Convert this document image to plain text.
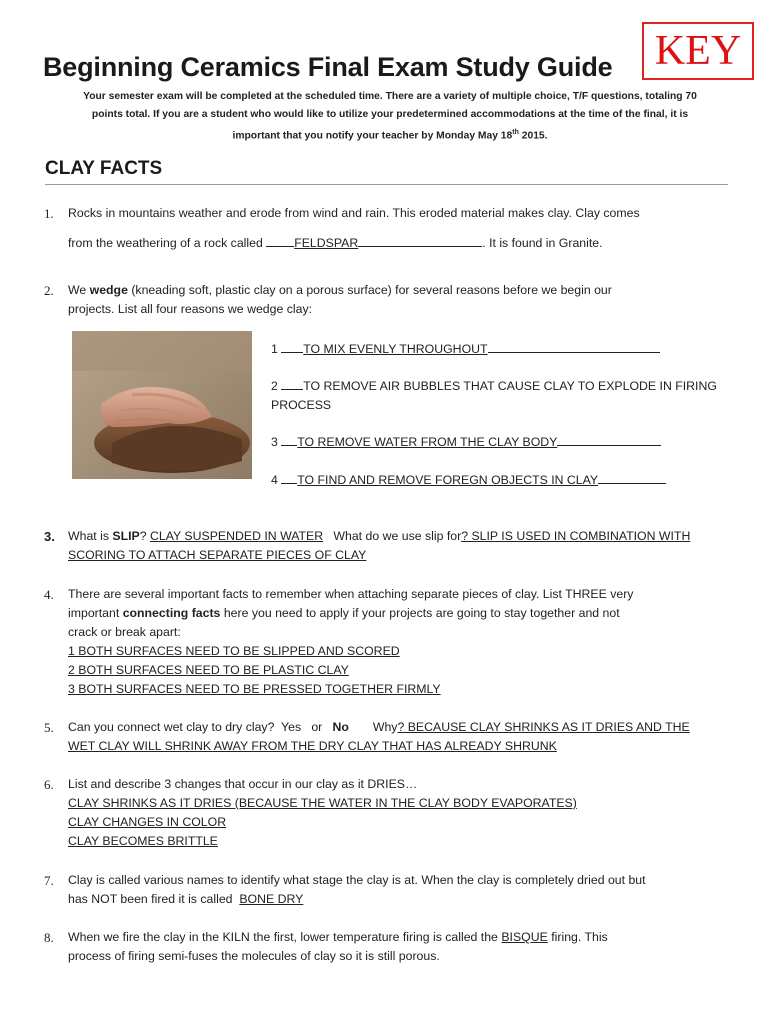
Beginning Ceramics Final Exam Study Guide KEY
Your semester exam will be completed at the scheduled time. There are a variety of multiple choice, T/F questions, totaling 70
points total. If you are a student who would like to utilize your predetermined accommodations at the time of the final, it is
important that you notify your teacher by Monday May 18th 2015.
CLAY FACTS
1. Rocks in mountains weather and erode from wind and rain. This eroded material makes clay. Clay comes
from the weathering of a rock called FELDSPAR	. It is found in Granite.
2. We wedge (kneading soft, plastic clay on a porous surface) for several reasons before we begin our
projects. List all four reasons we wedge clay:
1 TO MIX EVENLY THROUGHOUT
2 TO REMOVE AIR BUBBLES THAT CAUSE CLAY TO EXPLODE IN FIRING
PROCESS
3 TO REMOVE WATER FROM THE CLAY BODY
4 TO FIND AND REMOVE FOREGN OBJECTS IN CLAY
3. What is SLIP? CLAY SUSPENDED IN WATER   What do we use slip for? SLIP IS USED IN COMBINATION WITH
SCORING TO ATTACH SEPARATE PIECES OF CLAY
4. There are several important facts to remember when attaching separate pieces of clay. List THREE very
important connecting facts here you need to apply if your projects are going to stay together and not
crack or break apart:
1 BOTH SURFACES NEED TO BE SLIPPED AND SCORED
2 BOTH SURFACES NEED TO BE PLASTIC CLAY
3 BOTH SURFACES NEED TO BE PRESSED TOGETHER FIRMLY
5. Can you connect wet clay to dry clay?  Yes   or   No       Why? BECAUSE CLAY SHRINKS AS IT DRIES AND THE
WET CLAY WILL SHRINK AWAY FROM THE DRY CLAY THAT HAS ALREADY SHRUNK
6. List and describe 3 changes that occur in our clay as it DRIES…
CLAY SHRINKS AS IT DRIES (BECAUSE THE WATER IN THE CLAY BODY EVAPORATES)
CLAY CHANGES IN COLOR
CLAY BECOMES BRITTLE
7. Clay is called various names to identify what stage the clay is at. When the clay is completely dried out but
has NOT been fired it is called  BONE DRY
8. When we fire the clay in the KILN the first, lower temperature firing is called the BISQUE firing. This
process of firing semi-fuses the molecules of clay so it is still porous.
